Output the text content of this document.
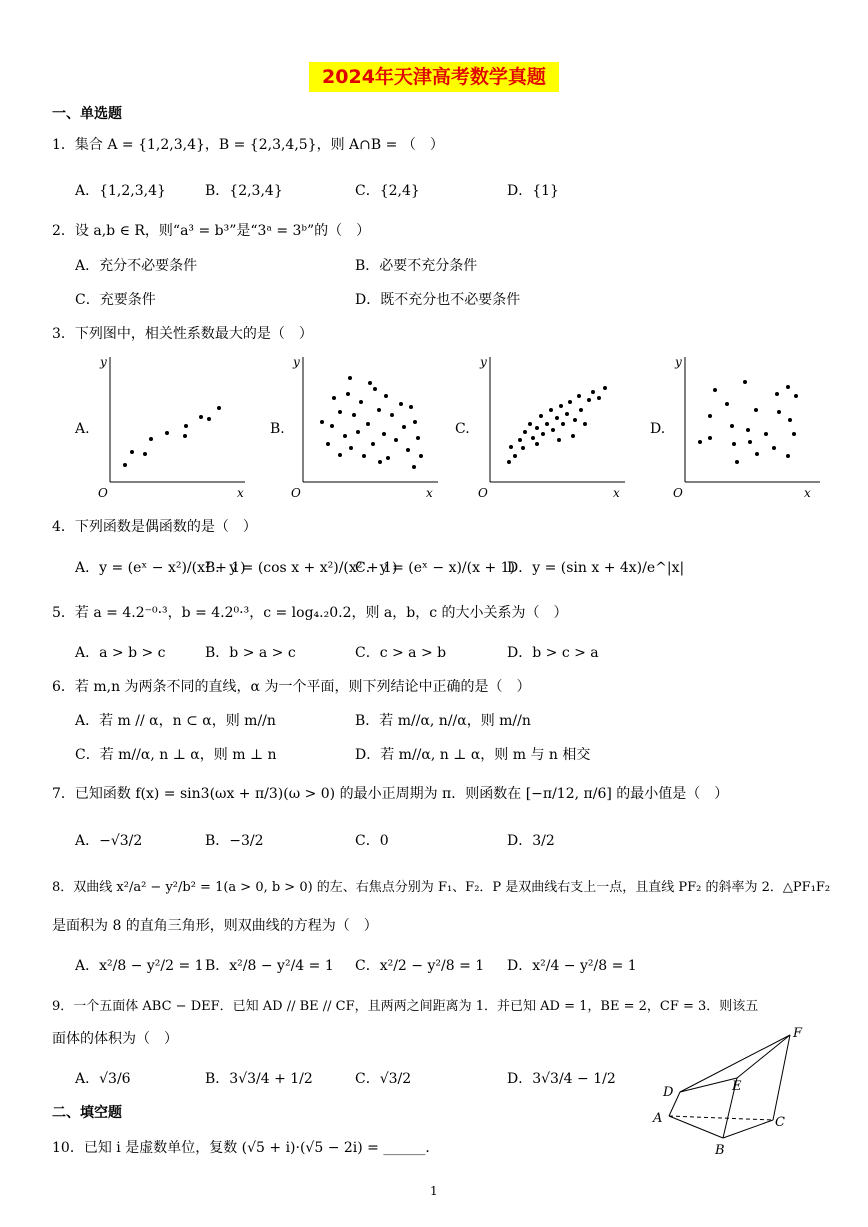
2024年天津高考数学真题
一、单选题
1．集合 A = {1,2,3,4}，B = {2,3,4,5}，则 A∩B = （　）
A．{1,2,3,4}	B．{2,3,4}	C．{2,4}	D．{1}
2．设 a,b ∈ R，则“a³ = b³”是“3ᵃ = 3ᵇ”的（　）
A．充分不必要条件	B．必要不充分条件
C．充要条件	D．既不充分也不必要条件
3．下列图中，相关性系数最大的是（　）
A.
y
x
O
B.
y
x
O
C.
y
x
O
D.
y
x
O
4．下列函数是偶函数的是（　）
A．y = (eˣ − x²)/(x² + 1)
B．y = (cos x + x²)/(x² + 1)
C．y = (eˣ − x)/(x + 1)
D．y = (sin x + 4x)/e^|x|
5．若 a = 4.2⁻⁰·³，b = 4.2⁰·³，c = log₄.₂0.2，则 a，b，c 的大小关系为（　）
A．a > b > c	B．b > a > c	C．c > a > b	D．b > c > a
6．若 m,n 为两条不同的直线，α 为一个平面，则下列结论中正确的是（　）
A．若 m // α，n ⊂ α，则 m//n	B．若 m//α, n//α，则 m//n
C．若 m//α, n ⊥ α，则 m ⊥ n	D．若 m//α, n ⊥ α，则 m 与 n 相交
7．已知函数 f(x) = sin3(ωx + π/3)(ω > 0) 的最小正周期为 π．则函数在 [−π/12, π/6] 的最小值是（　）
A．−√3/2	B．−3/2	C．0	D．3/2
8．双曲线 x²/a² − y²/b² = 1(a > 0, b > 0) 的左、右焦点分别为 F₁、F₂．P 是双曲线右支上一点，且直线 PF₂ 的斜率为 2．△PF₁F₂
是面积为 8 的直角三角形，则双曲线的方程为（　）
A．x²/8 − y²/2 = 1 B．x²/8 − y²/4 = 1 C．x²/2 − y²/8 = 1 D．x²/4 − y²/8 = 1
9．一个五面体 ABC − DEF．已知 AD // BE // CF，且两两之间距离为 1．并已知 AD = 1，BE = 2，CF = 3．则该五
面体的体积为（　）
A．√3/6	B．3√3/4 + 1/2	C．√3/2	D．3√3/4 − 1/2
D	E
F
A
B
C
二、填空题
10．已知 i 是虚数单位，复数 (√5 + i)·(√5 − 2i) = ______．
1
